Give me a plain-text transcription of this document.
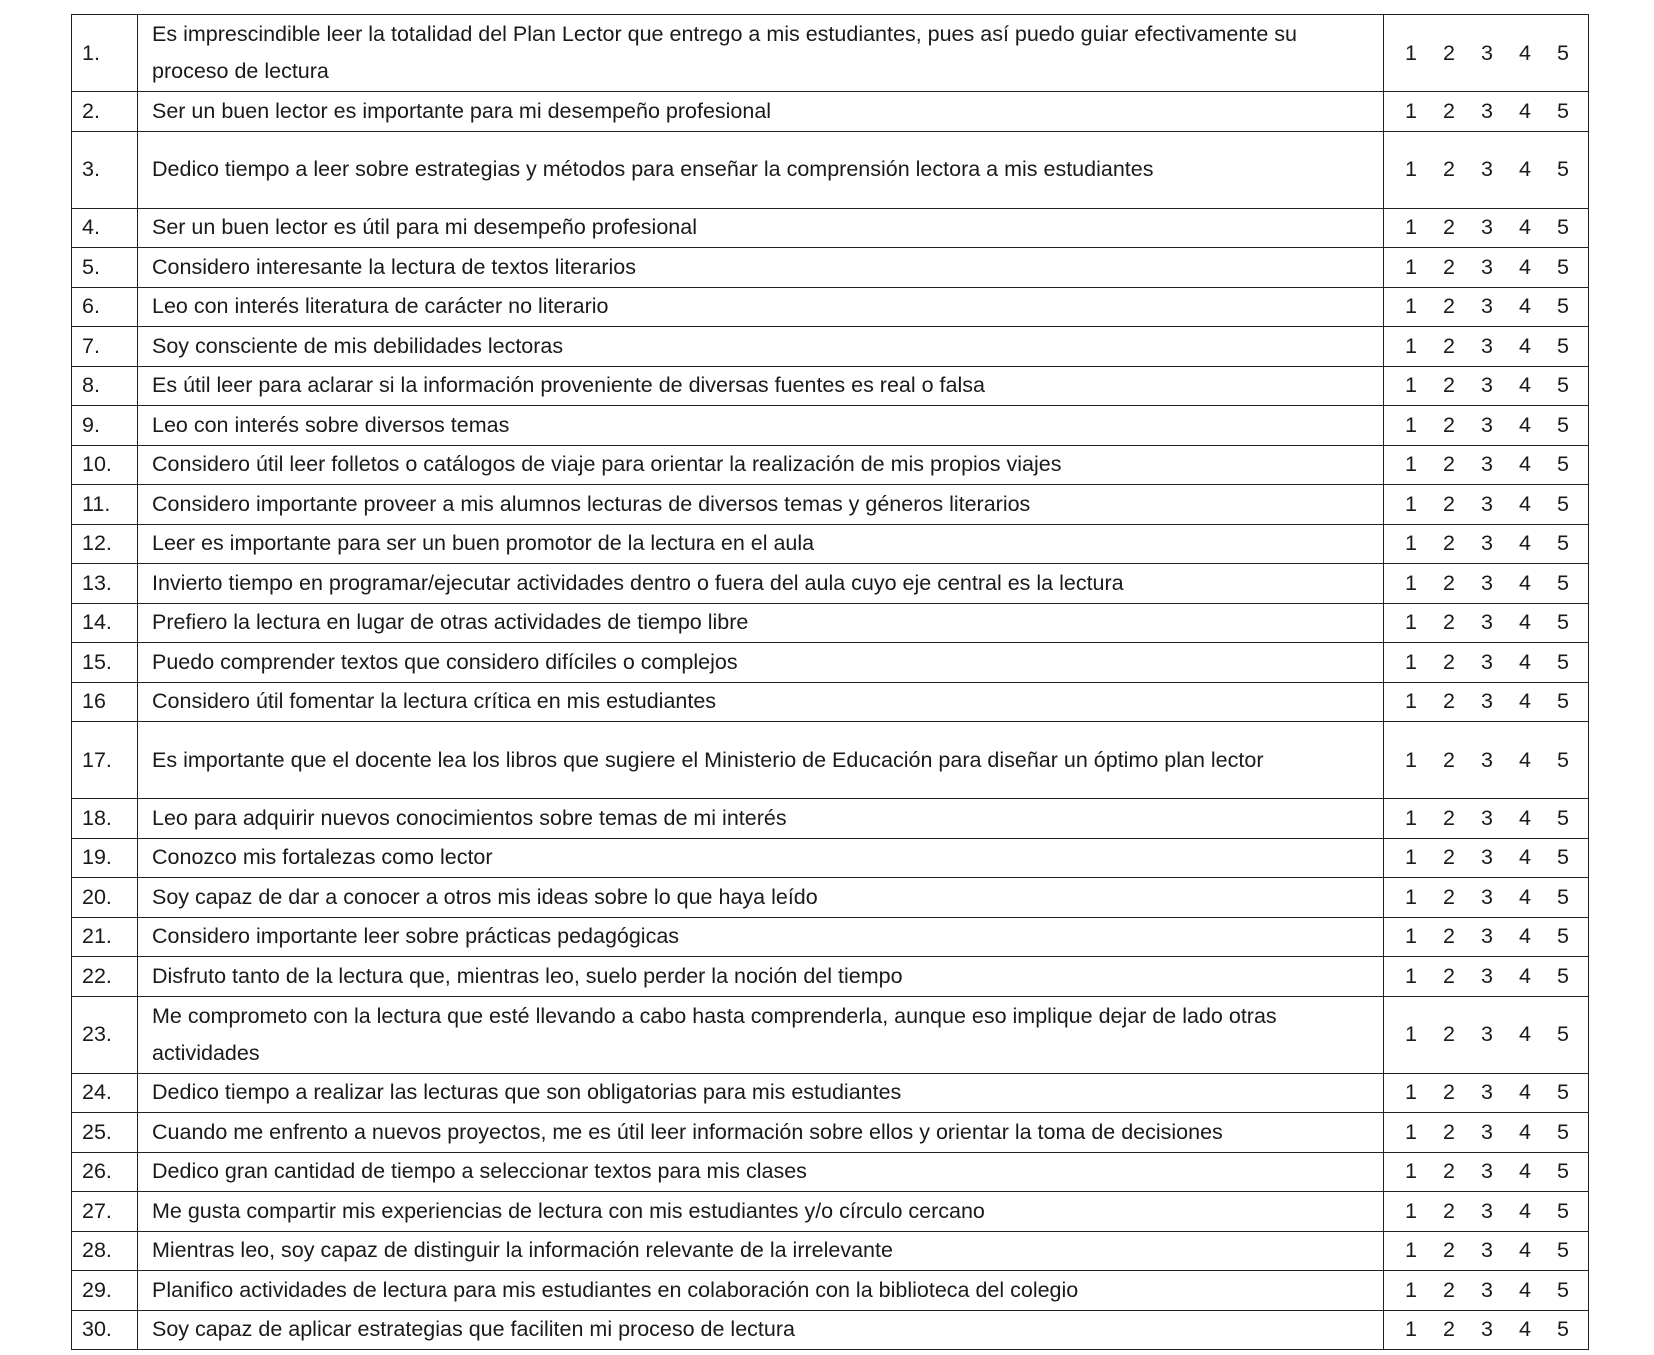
1.	Es imprescindible leer la totalidad del Plan Lector que entrego a mis estudiantes, pues así puedo guiar efectivamente su proceso de lectura	1 2 3 4 5

2.	Ser un buen lector es importante para mi desempeño profesional	1 2 3 4 5

3.	Dedico tiempo a leer sobre estrategias y métodos para enseñar la comprensión lectora a mis estudiantes	1 2 3 4 5

4.	Ser un buen lector es útil para mi desempeño profesional	1 2 3 4 5

5.	Considero interesante la lectura de textos literarios	1 2 3 4 5

6.	Leo con interés literatura de carácter no literario	1 2 3 4 5

7.	Soy consciente de mis debilidades lectoras	1 2 3 4 5

8.	Es útil leer para aclarar si la información proveniente de diversas fuentes es real o falsa	1 2 3 4 5

9.	Leo con interés sobre diversos temas	1 2 3 4 5

10.	Considero útil leer folletos o catálogos de viaje para orientar la realización de mis propios viajes	1 2 3 4 5

11.	Considero importante proveer a mis alumnos lecturas de diversos temas y géneros literarios	1 2 3 4 5

12.	Leer es importante para ser un buen promotor de la lectura en el aula	1 2 3 4 5

13.	Invierto tiempo en programar/ejecutar actividades dentro o fuera del aula cuyo eje central es la lectura	1 2 3 4 5

14.	Prefiero la lectura en lugar de otras actividades de tiempo libre	1 2 3 4 5

15.	Puedo comprender textos que considero difíciles o complejos	1 2 3 4 5

16	Considero útil fomentar la lectura crítica en mis estudiantes	1 2 3 4 5

17.	Es importante que el docente lea los libros que sugiere el Ministerio de Educación para diseñar un óptimo plan lector	1 2 3 4 5

18.	Leo para adquirir nuevos conocimientos sobre temas de mi interés	1 2 3 4 5

19.	Conozco mis fortalezas como lector	1 2 3 4 5

20.	Soy capaz de dar a conocer a otros mis ideas sobre lo que haya leído	1 2 3 4 5

21.	Considero importante leer sobre prácticas pedagógicas	1 2 3 4 5

22.	Disfruto tanto de la lectura que, mientras leo, suelo perder la noción del tiempo	1 2 3 4 5

23.	Me comprometo con la lectura que esté llevando a cabo hasta comprenderla, aunque eso implique dejar de lado otras actividades	1 2 3 4 5

24.	Dedico tiempo a realizar las lecturas que son obligatorias para mis estudiantes	1 2 3 4 5

25.	Cuando me enfrento a nuevos proyectos, me es útil leer información sobre ellos y orientar la toma de decisiones	1 2 3 4 5

26.	Dedico gran cantidad de tiempo a seleccionar textos para mis clases	1 2 3 4 5

27.	Me gusta compartir mis experiencias de lectura con mis estudiantes y/o círculo cercano	1 2 3 4 5

28.	Mientras leo, soy capaz de distinguir la información relevante de la irrelevante	1 2 3 4 5

29.	Planifico actividades de lectura para mis estudiantes en colaboración con la biblioteca del colegio	1 2 3 4 5

30.	Soy capaz de aplicar estrategias que faciliten mi proceso de lectura	1 2 3 4 5
